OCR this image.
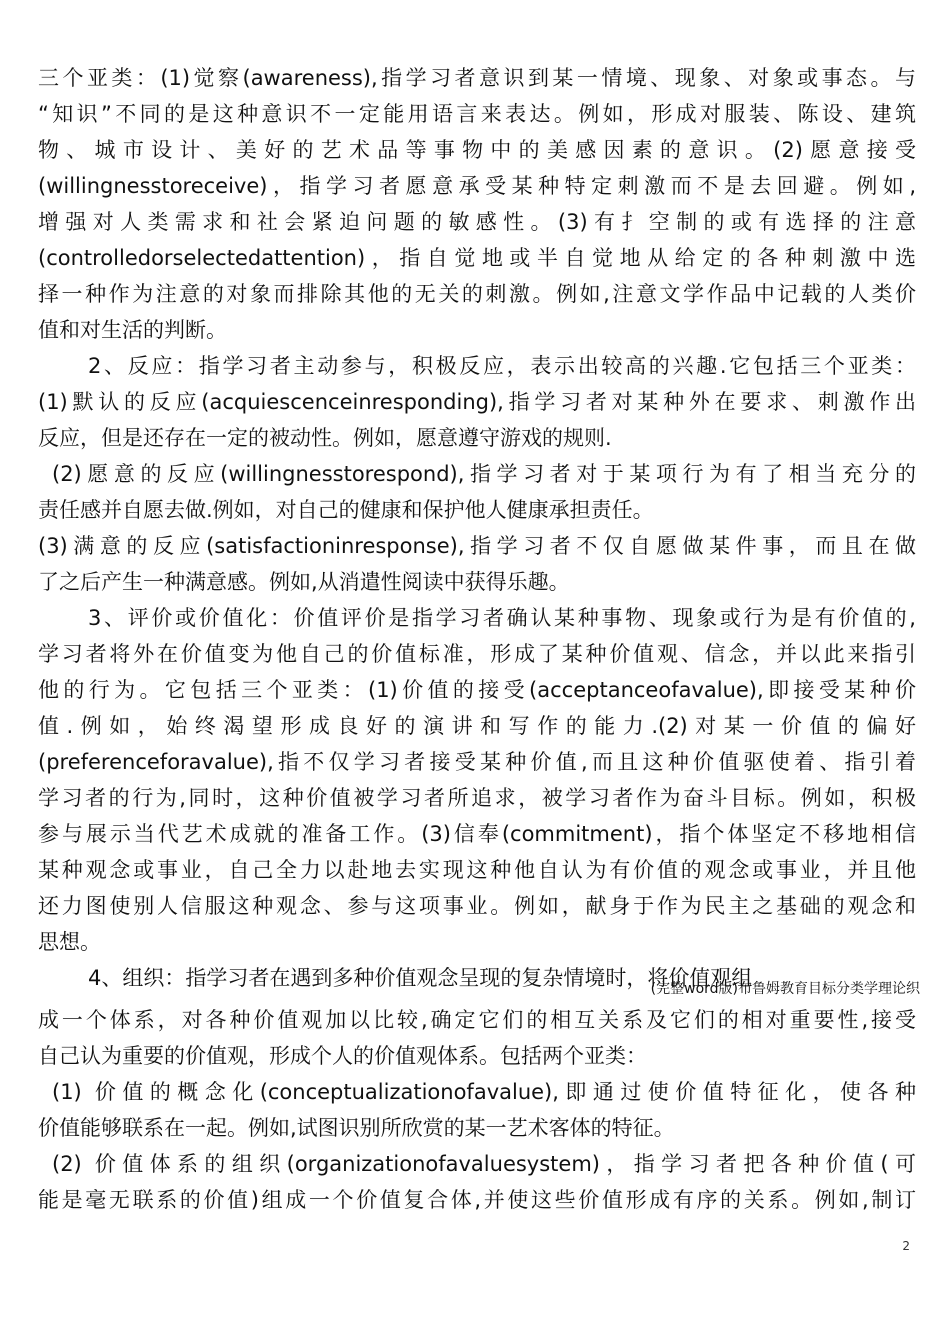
三个亚类：(1)觉察(awareness),指学习者意识到某一情境、现象、对象或事态。与
“知识”不同的是这种意识不一定能用语言来表达。例如，形成对服装、陈设、建筑
物、城市设计、美好的艺术品等事物中的美感因素的意识。(2)愿意接受
(willingnesstoreceive)，指学习者愿意承受某种特定刺激而不是去回避。例如,
增强对人类需求和社会紧迫问题的敏感性。(3)有扌空制的或有选择的注意
(controlledorselectedattention)，指自觉地或半自觉地从给定的各种刺激中选
择一种作为注意的对象而排除其他的无关的刺激。例如,注意文学作品中记载的人类价
值和对生活的判断。
2、反应：指学习者主动参与，积极反应，表示出较高的兴趣.它包括三个亚类：
(1)默认的反应(acquiescenceinresponding),指学习者对某种外在要求、刺激作出
反应，但是还存在一定的被动性。例如，愿意遵守游戏的规则.
(2)愿意的反应(willingnesstorespond),指学习者对于某项行为有了相当充分的
责任感并自愿去做.例如，对自己的健康和保护他人健康承担责任。
(3)满意的反应(satisfactioninresponse),指学习者不仅自愿做某件事，而且在做
了之后产生一种满意感。例如,从消遣性阅读中获得乐趣。
3、评价或价值化：价值评价是指学习者确认某种事物、现象或行为是有价值的,
学习者将外在价值变为他自己的价值标准，形成了某种价值观、信念，并以此来指引
他的行为。它包括三个亚类：(1)价值的接受(acceptanceofavalue),即接受某种价
值.例如，始终渴望形成良好的演讲和写作的能力.(2)对某一价值的偏好
(preferenceforavalue),指不仅学习者接受某种价值,而且这种价值驱使着、指引着
学习者的行为,同时，这种价值被学习者所追求，被学习者作为奋斗目标。例如，积极
参与展示当代艺术成就的准备工作。(3)信奉(commitment)，指个体坚定不移地相信
某种观念或事业，自己全力以赴地去实现这种他自认为有价值的观念或事业，并且他
还力图使别人信服这种观念、参与这项事业。例如，献身于作为民主之基础的观念和
思想。
4、组织：指学习者在遇到多种价值观念呈现的复杂情境时，将价值观组
(完整word版)布鲁姆教育目标分类学理论织
成一个体系，对各种价值观加以比较,确定它们的相互关系及它们的相对重要性,接受
自己认为重要的价值观，形成个人的价值观体系。包括两个亚类：
(1) 价值的概念化(conceptualizationofavalue),即通过使价值特征化，使各种
价值能够联系在一起。例如,试图识别所欣赏的某一艺术客体的特征。
(2) 价值体系的组织(organizationofavaluesystem)，指学习者把各种价值(可
能是毫无联系的价值)组成一个价值复合体,并使这些价值形成有序的关系。例如,制订
2
